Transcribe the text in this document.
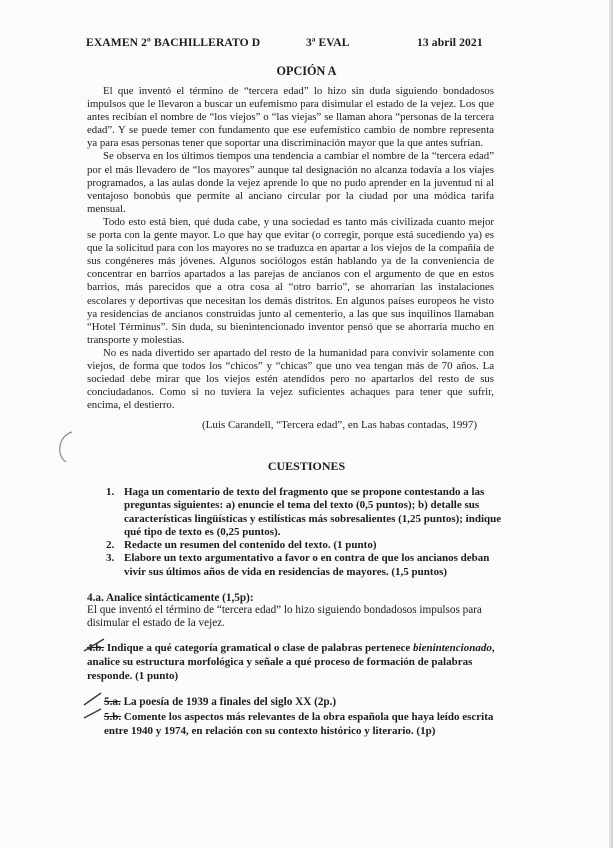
EXAMEN 2º BACHILLERATO D	3ª EVAL	13 abril 2021
OPCIÓN A

El que inventó el término de “tercera edad” lo hizo sin duda siguiendo bondadosos impulsos que le llevaron a buscar un eufemismo para disimular el estado de la vejez. Los que antes recibían el nombre de “los viejos” o “las viejas” se llaman ahora “personas de la tercera edad”. Y se puede temer con fundamento que ese eufemístico cambio de nombre representa ya para esas personas tener que soportar una discriminación mayor que la que antes sufrían.

Se observa en los últimos tiempos una tendencia a cambiar el nombre de la “tercera edad” por el más llevadero de “los mayores” aunque tal designación no alcanza todavía a los viajes programados, a las aulas donde la vejez aprende lo que no pudo aprender en la juventud ni al ventajoso bonobús que permite al anciano circular por la ciudad por una módica tarifa mensual.

Todo esto está bien, qué duda cabe, y una sociedad es tanto más civilizada cuanto mejor se porta con la gente mayor. Lo que hay que evitar (o corregir, porque está sucediendo ya) es que la solicitud para con los mayores no se traduzca en apartar a los viejos de la compañía de sus congéneres más jóvenes. Algunos sociólogos están hablando ya de la conveniencia de concentrar en barrios apartados a las parejas de ancianos con el argumento de que en estos barrios, más parecidos que a otra cosa al “otro barrio”, se ahorrarían las instalaciones escolares y deportivas que necesitan los demás distritos. En algunos países europeos he visto ya residencias de ancianos construidas junto al cementerio, a las que sus inquilinos llamaban “Hotel Términus”. Sin duda, su bienintencionado inventor pensó que se ahorraría mucho en transporte y molestias.

No es nada divertido ser apartado del resto de la humanidad para convivir solamente con viejos, de forma que todos los “chicos” y “chicas” que uno vea tengan más de 70 años. La sociedad debe mirar que los viejos estén atendidos pero no apartarlos del resto de sus conciudadanos. Como si no tuviera la vejez suficientes achaques para tener que sufrir, encima, el destierro.

(Luis Carandell, “Tercera edad”, en Las habas contadas, 1997)
CUESTIONES
1. Haga un comentario de texto del fragmento que se propone contestando a las preguntas siguientes: a) enuncie el tema del texto (0,5 puntos); b) detalle sus características lingüísticas y estilísticas más sobresalientes (1,25 puntos); indique qué tipo de texto es (0,25 puntos).
2. Redacte un resumen del contenido del texto. (1 punto)
3. Elabore un texto argumentativo a favor o en contra de que los ancianos deban vivir sus últimos años de vida en residencias de mayores. (1,5 puntos)
4.a. Analice sintácticamente (1,5p):
El que inventó el término de “tercera edad” lo hizo siguiendo bondadosos impulsos para disimular el estado de la vejez.
4.b. Indique a qué categoría gramatical o clase de palabras pertenece bienintencionado, analice su estructura morfológica y señale a qué proceso de formación de palabras responde. (1 punto)
5.a. La poesía de 1939 a finales del siglo XX (2p.)
5.b. Comente los aspectos más relevantes de la obra española que haya leído escrita entre 1940 y 1974, en relación con su contexto histórico y literario. (1p)
